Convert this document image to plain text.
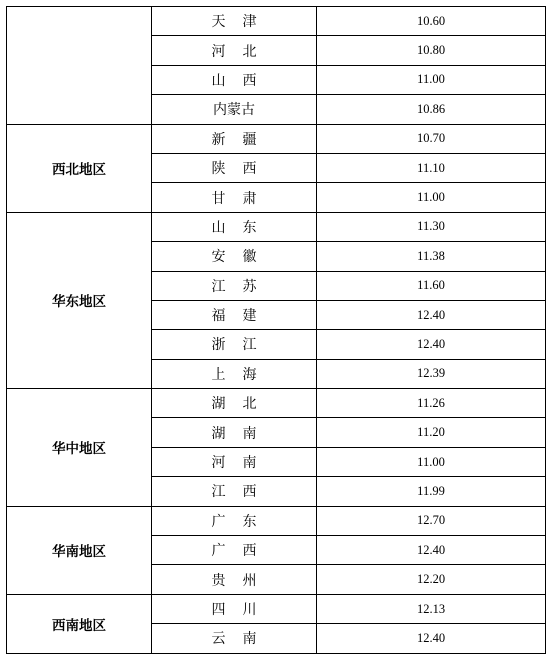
	天津	10.60
	河北	10.80
	山西	11.00
	内蒙古	10.86
西北地区	新疆	10.70
	陕西	11.10
	甘肃	11.00
华东地区	山东	11.30
	安徽	11.38
	江苏	11.60
	福建	12.40
	浙江	12.40
	上海	12.39
华中地区	湖北	11.26
	湖南	11.20
	河南	11.00
	江西	11.99
华南地区	广东	12.70
	广西	12.40
	贵州	12.20
西南地区	四川	12.13
	云南	12.40
